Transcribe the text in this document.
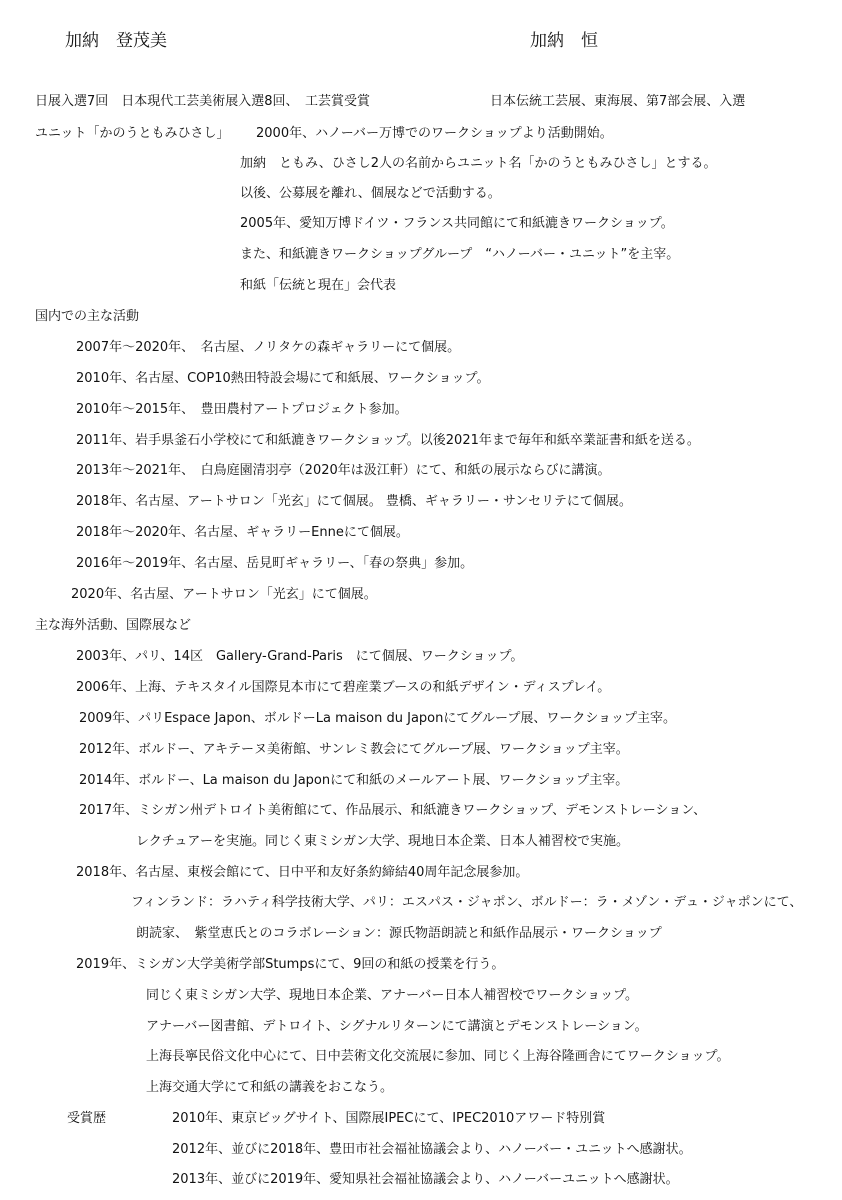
加納　登茂美	加納　恒
日展入選7回　日本現代工芸美術展入選8回、　工芸賞受賞	日本伝統工芸展、東海展、第7部会展、入選
ユニット「かのうともみひさし」 2000年、ハノーバー万博でのワークショップより活動開始。
加納　ともみ、ひさし2人の名前からユニット名「かのうともみひさし」とする。
以後、公募展を離れ、個展などで活動する。
2005年、愛知万博ドイツ・フランス共同館にて和紙漉きワークショップ。
また、和紙漉きワークショップグループ　“ハノーバー・ユニット”を主宰。
和紙「伝統と現在」会代表
国内での主な活動
2007年～2020年、　名古屋、ノリタケの森ギャラリーにて個展。
2010年、名古屋、COP10熱田特設会場にて和紙展、ワークショップ。
2010年～2015年、　豊田農村アートプロジェクト参加。
2011年、岩手県釜石小学校にて和紙漉きワークショップ。以後2021年まで毎年和紙卒業証書和紙を送る。
2013年～2021年、　白鳥庭園清羽亭（2020年は汲江軒）にて、和紙の展示ならびに講演。
2018年、名古屋、アートサロン「光玄」にて個展。 豊橋、ギャラリー・サンセリテにて個展。
2018年～2020年、名古屋、ギャラリーEnneにて個展。
2016年～2019年、名古屋、岳見町ギャラリー、「春の祭典」参加。
2020年、名古屋、アートサロン「光玄」にて個展。
主な海外活動、国際展など
2003年、パリ、14区　Gallery-Grand-Paris　にて個展、ワークショップ。
2006年、上海、テキスタイル国際見本市にて碧産業ブースの和紙デザイン・ディスプレイ。
2009年、パリEspace Japon、ボルドーLa maison du Japonにてグループ展、ワークショップ主宰。
2012年、ボルドー、アキテーヌ美術館、サンレミ教会にてグループ展、ワークショップ主宰。
2014年、ボルドー、La maison du Japonにて和紙のメールアート展、ワークショップ主宰。
2017年、ミシガン州デトロイト美術館にて、作品展示、和紙漉きワークショップ、デモンストレーション、
レクチュアーを実施。同じく東ミシガン大学、現地日本企業、日本人補習校で実施。
2018年、名古屋、東桜会館にて、日中平和友好条約締結40周年記念展参加。
フィンランド：ラハティ科学技術大学、パリ：エスパス・ジャポン、ボルドー：ラ・メゾン・デュ・ジャポンにて、
朗読家、　紫堂恵氏とのコラボレーション：源氏物語朗読と和紙作品展示・ワークショップ
2019年、ミシガン大学美術学部Stumpsにて、9回の和紙の授業を行う。
同じく東ミシガン大学、現地日本企業、アナーバー日本人補習校でワークショップ。
アナーバー図書館、デトロイト、シグナルリターンにて講演とデモンストレーション。
上海長寧民俗文化中心にて、日中芸術文化交流展に参加、同じく上海谷隆画舎にてワークショップ。
上海交通大学にて和紙の講義をおこなう。
受賞歴	2010年、東京ビッグサイト、国際展IPECにて、IPEC2010アワード特別賞
2012年、並びに2018年、豊田市社会福祉協議会より、ハノーバー・ユニットへ感謝状。
2013年、並びに2019年、愛知県社会福祉協議会より、ハノーバーユニットへ感謝状。
